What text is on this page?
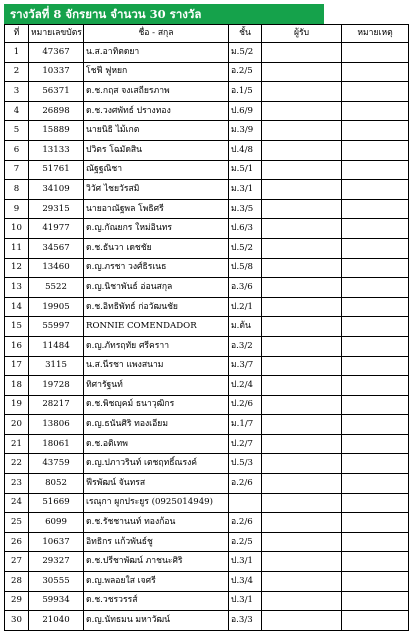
รางวัลที่ 8 จักรยาน จำนวน 30 รางวัล
ที่	หมายเลขบัตร	ชื่อ - สกุล	ชั้น	ผู้รับ	หมายเหตุ
1	47367	น.ส.อาทิตดยา	ม.5/2		
2	10337	โชฟี ฟูหยก	อ.2/5		
3	56371	ด.ช.กฤส จงเสถียรภาพ	อ.1/5		
4	26898	ด.ช.วงศพัทธ์ ปรางทอง	ป.6/9		
5	15889	นายนิธิ ไม้เกต	ม.3/9		
6	13133	ปวิตร โฉมัดสิน	ป.4/8		
7	51761	ณัฐฐณิชา	ม.5/1		
8	34109	วิวัศ ไชยวัรสมิ	ม.3/1		
9	29315	นายอาณัฐพล โพธิศรี	ม.3/5		
10	41977	ด.ญ.กัณยกร ใหม่อินทร	ป.6/3		
11	34567	ด.ช.ธันวา เดชชัย	ป.5/2		
12	13460	ด.ญ.ภรชา วงศ์ธิรเนธ	ป.5/8		
13	5522	ด.ญ.นิชาพันธ์ อ่อนสกุล	อ.3/6		
14	19905	ด.ช.อิทธิพัทธ์ ก่อวัฒนชัย	ป.2/1		
15	55997	RONNIE COMENDADOR	ม.ต้น		
16	11484	ด.ญ.ภัทรฤทัย ศรีคราา	อ.3/2		
17	3115	น.ส.นีรชา แพงสนาม	ม.3/7		
18	19728	ทิศารัฐนท์	ป.2/4		
19	28217	ด.ช.พิชญุคม์ ธนาวุฒิกร	ป.2/6		
20	13806	ด.ญ.ธนันศิริ ทองเอียม	ม.1/7		
21	18061	ด.ช.อติเทพ	ป.2/7		
22	43759	ด.ญ.ปภาวรินท์ เตชฤทธิ์ณรงค์	ป.5/3		
23	8052	ฟีรพัฒน์ จันทรส	อ.2/6		
24	51669	เรณุกา ผูกประยูร (0925014949)			
25	6099	ด.ช.รัชชานนท์ ทองก้อน	อ.2/6		
26	10637	อิทธิกร แก้วพันธ์ชู	อ.2/5		
27	29327	ด.ช.ปรีชาพัฒน์ ภาชนะศิริ	ป.3/1		
28	30555	ด.ญ.พลอยใส เจศรี	ป.3/4		
29	59934	ด.ช.วชรวรรส์	ป.3/1		
30	21040	ด.ญ.นัทธมน มหาวัฒน์	อ.3/3		
